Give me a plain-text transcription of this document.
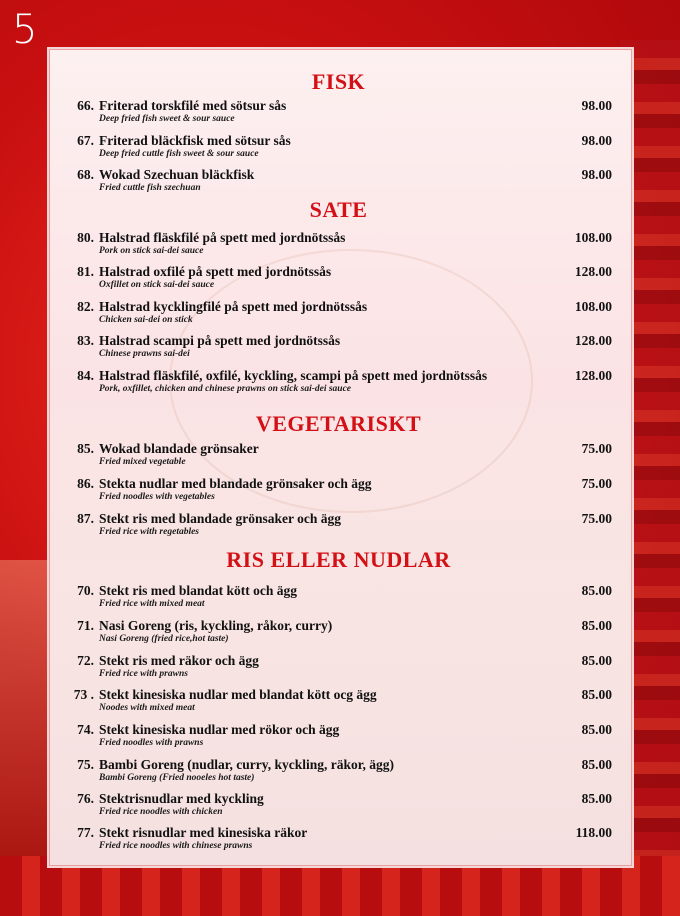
5
FISK
66. Friterad torskfilé med sötsur sås
Deep fried fish sweet & sour sauce
98.00
67. Friterad bläckfisk med sötsur sås
Deep fried cuttle fish sweet & sour sauce
98.00
68. Wokad Szechuan bläckfisk
Fried cuttle fish szechuan
98.00
SATE
80. Halstrad fläskfilé på spett med jordnötssås
Pork on stick sai-dei sauce
108.00
81. Halstrad oxfilé på spett med jordnötssås
Oxfillet on stick sai-dei sauce
128.00
82. Halstrad kycklingfilé på spett med jordnötssås
Chicken sai-dei on stick
108.00
83. Halstrad scampi på spett med jordnötssås
Chinese prawns sai-dei
128.00
84. Halstrad fläskfilé, oxfilé, kyckling, scampi på spett med jordnötssås
Pork, oxfillet, chicken and chinese prawns on stick sai-dei sauce
128.00
VEGETARISKT
85. Wokad blandade grönsaker
Fried mixed vegetable
75.00
86. Stekta nudlar med blandade grönsaker och ägg
Fried noodles with vegetables
75.00
87. Stekt ris med blandade grönsaker och ägg
Fried rice with regetables
75.00
RIS ELLER NUDLAR
70. Stekt ris med blandat kött och ägg
Fried rice with mixed meat
85.00
71. Nasi Goreng (ris, kyckling, råkor, curry)
Nasi Goreng (fried rice,hot taste)
85.00
72. Stekt ris med räkor och ägg
Fried rice with prawns
85.00
73 . Stekt kinesiska nudlar med blandat kött ocg ägg
Noodes with mixed meat
85.00
74. Stekt kinesiska nudlar med rökor och ägg
Fried noodles with prawns
85.00
75. Bambi Goreng (nudlar, curry, kyckling, räkor, ägg)
Bambi Goreng (Fried nooeles hot taste)
85.00
76. Stektrisnudlar med kyckling
Fried rice noodles with chicken
85.00
77. Stekt risnudlar med kinesiska räkor
Fried rice noodles with chinese prawns
118.00
